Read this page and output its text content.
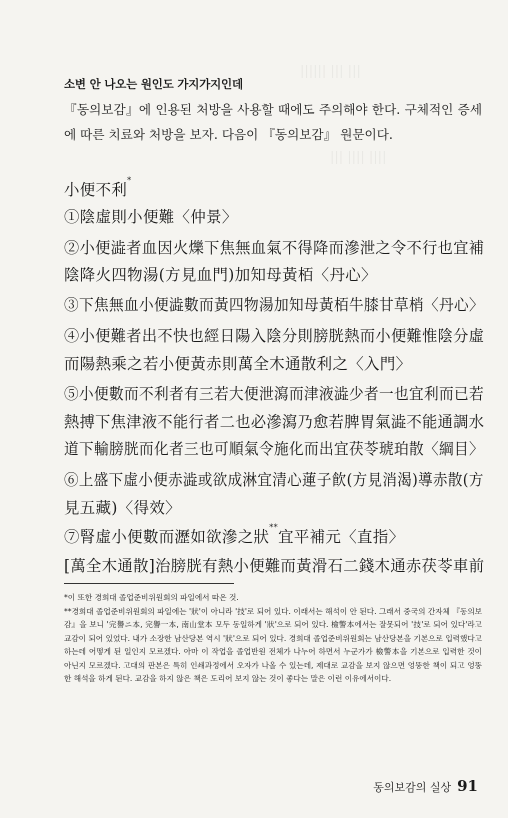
|||||| ||| |||
||| |||| ||||
소변 안 나오는 원인도 가지가지인데
『동의보감』에 인용된 처방을 사용할 때에도 주의해야 한다. 구체적인 증세에 따른 치료와 처방을 보자. 다음이 『동의보감』 원문이다.
小便不利*
①陰虛則小便難〈仲景〉
②小便澁者血因火爍下焦無血氣不得降而滲泄之令不行也宜補
陰降火四物湯(方見血門)加知母黃栢〈丹心〉
③下焦無血小便澁數而黃四物湯加知母黃栢牛膝甘草梢〈丹心〉
④小便難者出不快也經日陽入陰分則膀胱熱而小便難惟陰分虛
而陽熱乘之若小便黃赤則萬全木通散利之〈入門〉
⑤小便數而不利者有三若大便泄瀉而津液澁少者一也宜利而已若
熱搏下焦津液不能行者二也必滲瀉乃愈若脾胃氣澁不能通調水
道下輸膀胱而化者三也可順氣令施化而出宜茯苓琥珀散〈綱目〉
⑥上盛下虛小便赤澁或欲成淋宜清心蓮子飮(方見消渴)導赤散(方
見五藏)〈得效〉
⑦腎虛小便數而瀝如欲滲之狀**宜平補元〈直指〉
[萬全木通散]治膀胱有熱小便難而黃滑石二錢木通赤茯苓車前

*이 또한 경희대 졸업준비위원회의 파일에서 따온 것.

**경희대 졸업준비위원회의 파일에는 '狀'이 아니라 '技'로 되어 있다. 이래서는 해석이 안 된다. 그래서 중국의 간자체 『동의보감』을 보니 '完譽ニ本, 完譽一本, 南山堂本 모두 동일하게 '狀'으로 되어 있다. 檢警本에서는 잘못되어 '技'로 되어 있다'라고 교감이 되어 있었다. 내가 소장한 남산당본 역시 '狀'으로 되어 있다. 경희대 졸업준비위원회는 남산당본을 기본으로 입력했다고 하는데 어떻게 된 일인지 모르겠다. 아마 이 작업을 졸업반원 전체가 나누어 하면서 누군가가 檢警本을 기본으로 입력한 것이 아닌지 모르겠다. 고대의 판본은 특히 인쇄과정에서 오자가 나올 수 있는데, 제대로 교감을 보지 않으면 엉뚱한 책이 되고 엉뚱한 해석을 하게 된다. 교감을 하지 않은 책은 도리어 보지 않는 것이 좋다는 말은 이런 이유에서이다.

동의보감의 실상 91
